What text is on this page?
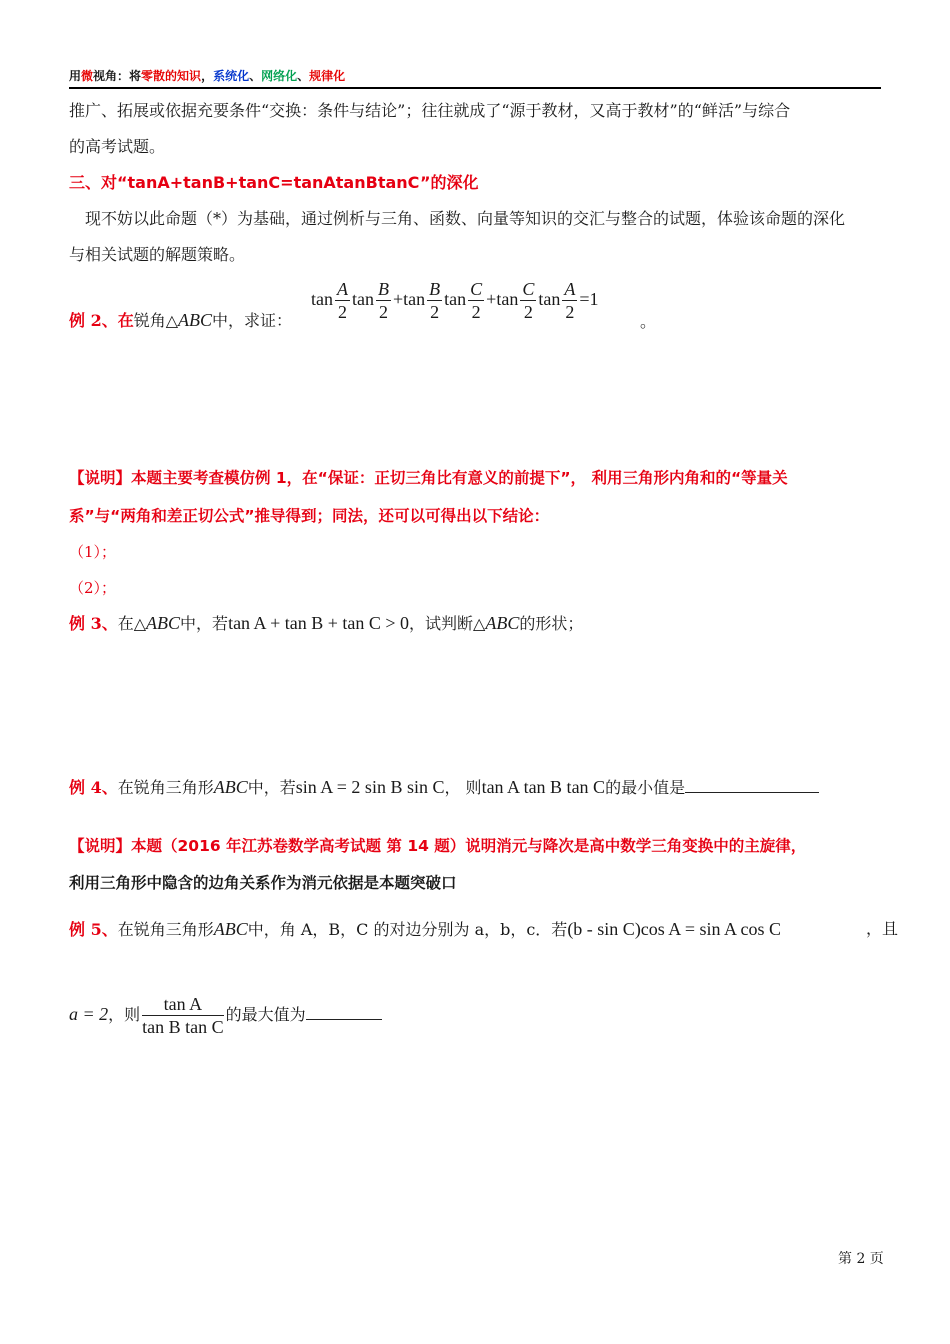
用微视角：将零散的知识，系统化、网络化、规律化
推广、拓展或依据充要条件“交换：条件与结论”；往往就成了“源于教材，又高于教材”的“鲜活”与综合
的高考试题。
三、对“tanA+tanB+tanC=tanAtanBtanC”的深化
现不妨以此命题（*）为基础，通过例析与三角、函数、向量等知识的交汇与整合的试题，体验该命题的深化
与相关试题的解题策略。
例 2、在锐角△ABC中，求证：
$\tan \frac{A}{2}$ $\tan \frac{B}{2} +\tan \frac{B}{2}$ $\tan \frac{C}{2} +\tan \frac{C}{2}$ $\tan \frac{A}{2} =1$
。
【说明】本题主要考查模仿例 1，在“保证：正切三角比有意义的前提下”， 利用三角形内角和的“等量关
系”与“两角和差正切公式”推导得到；同法，还可以可得出以下结论：
（1）；
（2）；
例 3、在△ABC中，若tan A + tan B + tan C > 0，试判断△ABC的形状；
例 4、在锐角三角形ABC中，若sin A = 2 sin B sin C， 则tan A tan B tan C的最小值是
【说明】本题（2016 年江苏卷数学高考试题 第 14 题）说明消元与降次是高中数学三角变换中的主旋律，
利用三角形中隐含的边角关系作为消元依据是本题突破口
例 5、在锐角三角形ABC中，角 A，B，C 的对边分别为 a，b，c．若(b - sin C)cos A = sin A cos C	，且
a = 2，则 $\frac{\text{tan A}}{\text{tan B tan C}}$ 的最大值为
第 2 页
